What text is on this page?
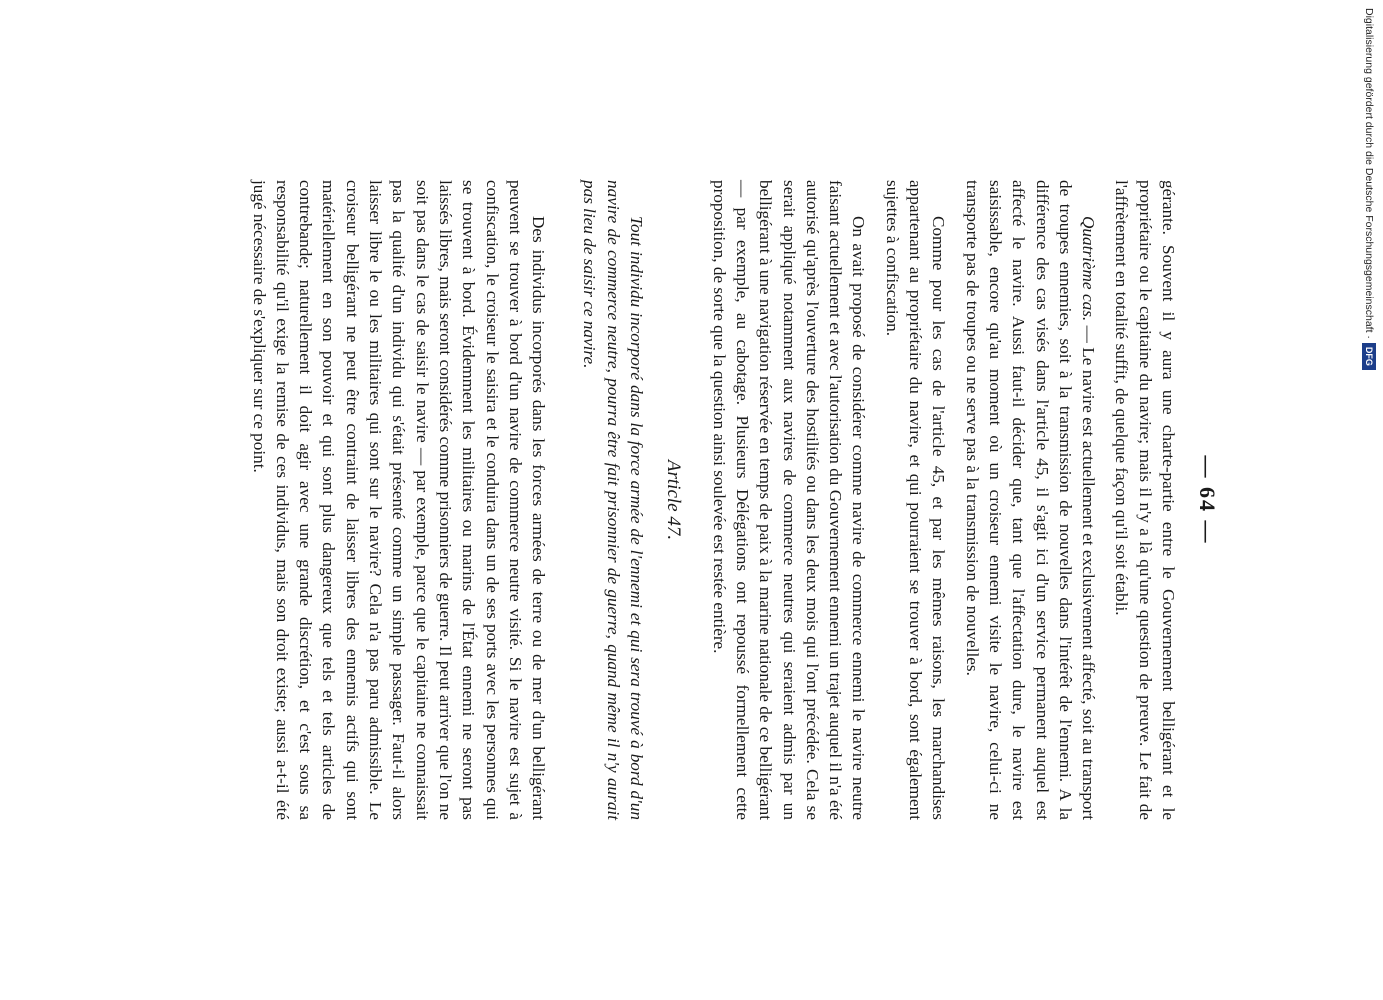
— 64 —

gérante. Souvent il y aura une charte-partie entre le Gouvernement belligérant et le propriétaire ou le capitaine du navire; mais il n'y a là qu'une question de preuve. Le fait de l'affrètement en totalité suffit, de quelque façon qu'il soit établi.

Quatrième cas. — Le navire est actuellement et exclusivement affecté, soit au transport de troupes ennemies, soit à la transmission de nouvelles dans l'intérêt de l'ennemi. A la différence des cas visés dans l'article 45, il s'agit ici d'un service permanent auquel est affecté le navire. Aussi faut-il décider que, tant que l'affectation dure, le navire est saisissable, encore qu'au moment où un croiseur ennemi visite le navire, celui-ci ne transporte pas de troupes ou ne serve pas à la transmission de nouvelles.

Comme pour les cas de l'article 45, et par les mêmes raisons, les marchandises appartenant au propriétaire du navire, et qui pourraient se trouver à bord, sont également sujettes à confiscation.

On avait proposé de considérer comme navire de commerce ennemi le navire neutre faisant actuellement et avec l'autorisation du Gouvernement ennemi un trajet auquel il n'a été autorisé qu'après l'ouverture des hostilités ou dans les deux mois qui l'ont précédée. Cela se serait appliqué notamment aux navires de commerce neutres qui seraient admis par un belligérant à une navigation réservée en temps de paix à la marine nationale de ce belligérant — par exemple, au cabotage. Plusieurs Délégations ont repoussé formellement cette proposition, de sorte que la question ainsi soulevée est restée entière.

Article 47.

Tout individu incorporé dans la force armée de l'ennemi et qui sera trouvé à bord d'un navire de commerce neutre, pourra être fait prisonnier de guerre, quand même il n'y aurait pas lieu de saisir ce navire.

Des individus incorporés dans les forces armées de terre ou de mer d'un belligérant peuvent se trouver à bord d'un navire de commerce neutre visité. Si le navire est sujet à confiscation, le croiseur le saisira et le conduira dans un de ses ports avec les personnes qui se trouvent à bord. Évidemment les militaires ou marins de l'État ennemi ne seront pas laissés libres, mais seront considérés comme prisonniers de guerre. Il peut arriver que l'on ne soit pas dans le cas de saisir le navire — par exemple, parce que le capitaine ne connaissait pas la qualité d'un individu qui s'était présenté comme un simple passager. Faut-il alors laisser libre le ou les militaires qui sont sur le navire? Cela n'a pas paru admissible. Le croiseur belligérant ne peut être contraint de laisser libres des ennemis actifs qui sont matériellement en son pouvoir et qui sont plus dangereux que tels et tels articles de contrebande; naturellement il doit agir avec une grande discrétion, et c'est sous sa responsabilité qu'il exige la remise de ces individus, mais son droit existe; aussi a-t-il été jugé nécessaire de s'expliquer sur ce point.	Digitalisierung gefördert durch die Deutsche Forschungsgemeinschaft ·
DFG
